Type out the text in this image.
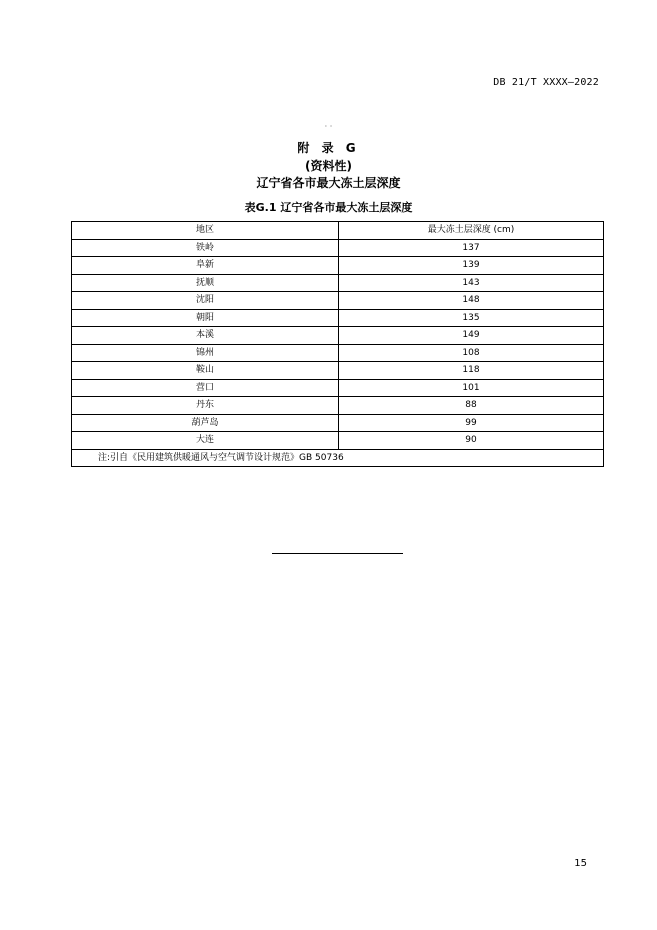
DB 21/T XXXX—2022
· ·
附 录 G
(资料性)
辽宁省各市最大冻土层深度
表G.1 辽宁省各市最大冻土层深度
地区	最大冻土层深度 (cm)
铁岭	137
阜新	139
抚顺	143
沈阳	148
朝阳	135
本溪	149
锦州	108
鞍山	118
营口	101
丹东	88
葫芦岛	99
大连	90
注:引自《民用建筑供暖通风与空气调节设计规范》GB 50736	
15
